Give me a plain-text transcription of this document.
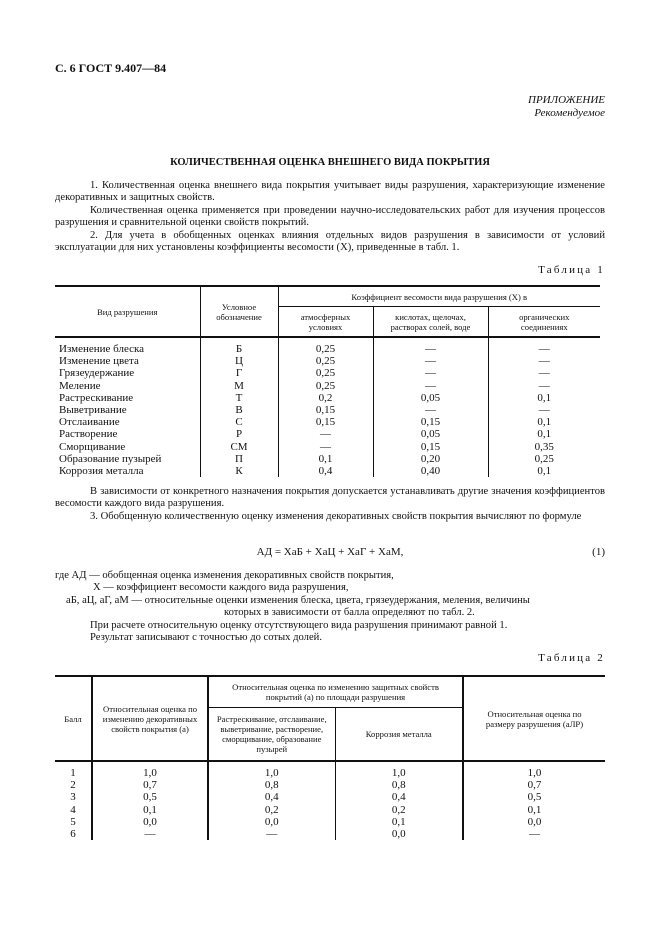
С. 6 ГОСТ 9.407—84
ПРИЛОЖЕНИЕ
Рекомендуемое
КОЛИЧЕСТВЕННАЯ ОЦЕНКА ВНЕШНЕГО ВИДА ПОКРЫТИЯ

1. Количественная оценка внешнего вида покрытия учитывает виды разрушения, характеризующие изменение декоративных и защитных свойств.

Количественная оценка применяется при проведении научно-исследовательских работ для изучения процессов разрушения и сравнительной оценки свойств покрытий.

2. Для учета в обобщенных оценках влияния отдельных видов разрушения в зависимости от условий эксплуатации для них установлены коэффициенты весомости (X), приведенные в табл. 1.

Таблица 1
Вид разрушения	Условное обозначение	Коэффициент весомости вида разрушения (X) в		
		атмосферных условиях	кислотах, щелочах, растворах солей, воде	органических соединениях

Изменение блеска	Б	0,25	—	—
Изменение цвета	Ц	0,25	—	—
Грязеудержание	Г	0,25	—	—
Меление	М	0,25	—	—
Растрескивание	Т	0,2	0,05	0,1
Выветривание	В	0,15	—	—
Отслаивание	С	0,15	0,15	0,1
Растворение	Р	—	0,05	0,1
Сморщивание	СМ	—	0,15	0,35
Образование пузырей	П	0,1	0,20	0,25
Коррозия металла	К	0,4	0,40	0,1

В зависимости от конкретного назначения покрытия допускается устанавливать другие значения коэффициентов весомости каждого вида разрушения.

3. Обобщенную количественную оценку изменения декоративных свойств покрытия вычисляют по формуле

АД = ХаБ + ХаЦ + ХаГ + ХаМ,	(1)
где АД — обобщенная оценка изменения декоративных свойств покрытия,
Х — коэффициент весомости каждого вида разрушения,
аБ, аЦ, аГ, аМ — относительные оценки изменения блеска, цвета, грязеудержания, меления, величины
которых в зависимости от балла определяют по табл. 2.
При расчете относительную оценку отсутствующего вида разрушения принимают равной 1.
Результат записывают с точностью до сотых долей.
Таблица 2
Балл	Относительная оценка по изменению декоративных свойств покрытия (а)	Относительная оценка по изменению защитных свойств покрытий (а) по площади разрушения		Относительная оценка по размеру разрушения (аЛР)
		Растрескивание, отслаивание, выветривание, растворение, сморщивание, образование пузырей	Коррозия металла	

1	1,0	1,0	1,0	1,0
2	0,7	0,8	0,8	0,7
3	0,5	0,4	0,4	0,5
4	0,1	0,2	0,2	0,1
5	0,0	0,0	0,1	0,0
6	—	—	0,0	—
